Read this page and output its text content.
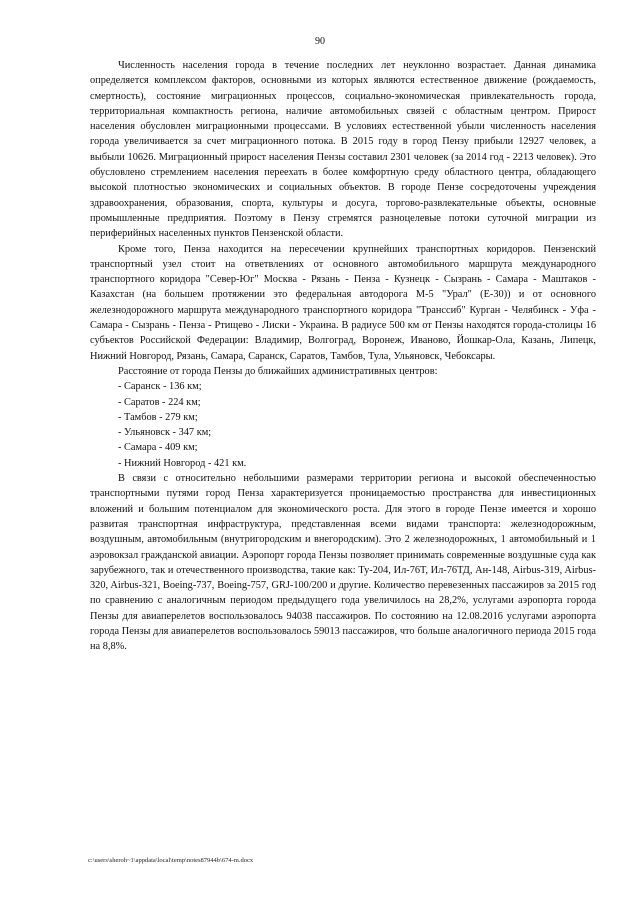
90

Численность населения города в течение последних лет неуклонно возрастает. Данная динамика определяется комплексом факторов, основными из которых являются естественное движение (рождаемость, смертность), состояние миграционных процессов, социально-экономическая привлекательность города, территориальная компактность региона, наличие автомобильных связей с областным центром. Прирост населения обусловлен миграционными процессами. В условиях естественной убыли численность населения города увеличивается за счет миграционного потока. В 2015 году в город Пензу прибыли 12927 человек, а выбыли 10626. Миграционный прирост населения Пензы составил 2301 человек (за 2014 год - 2213 человек). Это обусловлено стремлением населения переехать в более комфортную среду областного центра, обладающего высокой плотностью экономических и социальных объектов. В городе Пензе сосредоточены учреждения здравоохранения, образования, спорта, культуры и досуга, торгово-развлекательные объекты, основные промышленные предприятия. Поэтому в Пензу стремятся разноцелевые потоки суточной миграции из периферийных населенных пунктов Пензенской области.

Кроме того, Пенза находится на пересечении крупнейших транспортных коридоров. Пензенский транспортный узел стоит на ответвлениях от основного автомобильного маршрута международного транспортного коридора "Север-Юг" Москва - Рязань - Пенза - Кузнецк - Сызрань - Самара - Маштаков - Казахстан (на большем протяжении это федеральная автодорога М-5 "Урал" (Е-30)) и от основного железнодорожного маршрута международного транспортного коридора "Транссиб" Курган - Челябинск - Уфа - Самара - Сызрань - Пенза - Ртищево - Лиски - Украина. В радиусе 500 км от Пензы находятся города-столицы 16 субъектов Российской Федерации: Владимир, Волгоград, Воронеж, Иваново, Йошкар-Ола, Казань, Липецк, Нижний Новгород, Рязань, Самара, Саранск, Саратов, Тамбов, Тула, Ульяновск, Чебоксары.

Расстояние от города Пензы до ближайших административных центров:

- Саранск - 136 км;
- Саратов - 224 км;
- Тамбов - 279 км;
- Ульяновск - 347 км;
- Самара - 409 км;
- Нижний Новгород - 421 км.

В связи с относительно небольшими размерами территории региона и высокой обеспеченностью транспортными путями город Пенза характеризуется проницаемостью пространства для инвестиционных вложений и большим потенциалом для экономического роста. Для этого в городе Пензе имеется и хорошо развитая транспортная инфраструктура, представленная всеми видами транспорта: железнодорожным, воздушным, автомобильным (внутригородским и внегородским). Это 2 железнодорожных, 1 автомобильный и 1 аэровокзал гражданской авиации. Аэропорт города Пензы позволяет принимать современные воздушные суда как зарубежного, так и отечественного производства, такие как: Ту-204, Ил-76Т, Ил-76ТД, Ан-148, Airbus-319, Airbus-320, Airbus-321, Boeing-737, Boeing-757, GRJ-100/200 и другие. Количество перевезенных пассажиров за 2015 год по сравнению с аналогичным периодом предыдущего года увеличилось на 28,2%, услугами аэропорта города Пензы для авиаперелетов воспользовалось 94038 пассажиров. По состоянию на 12.08.2016 услугами аэропорта города Пензы для авиаперелетов воспользовалось 59013 пассажиров, что больше аналогичного периода 2015 года на 8,8%.

c:\users\sheroh~1\appdata\local\temp\notes87944b\674-m.docx
